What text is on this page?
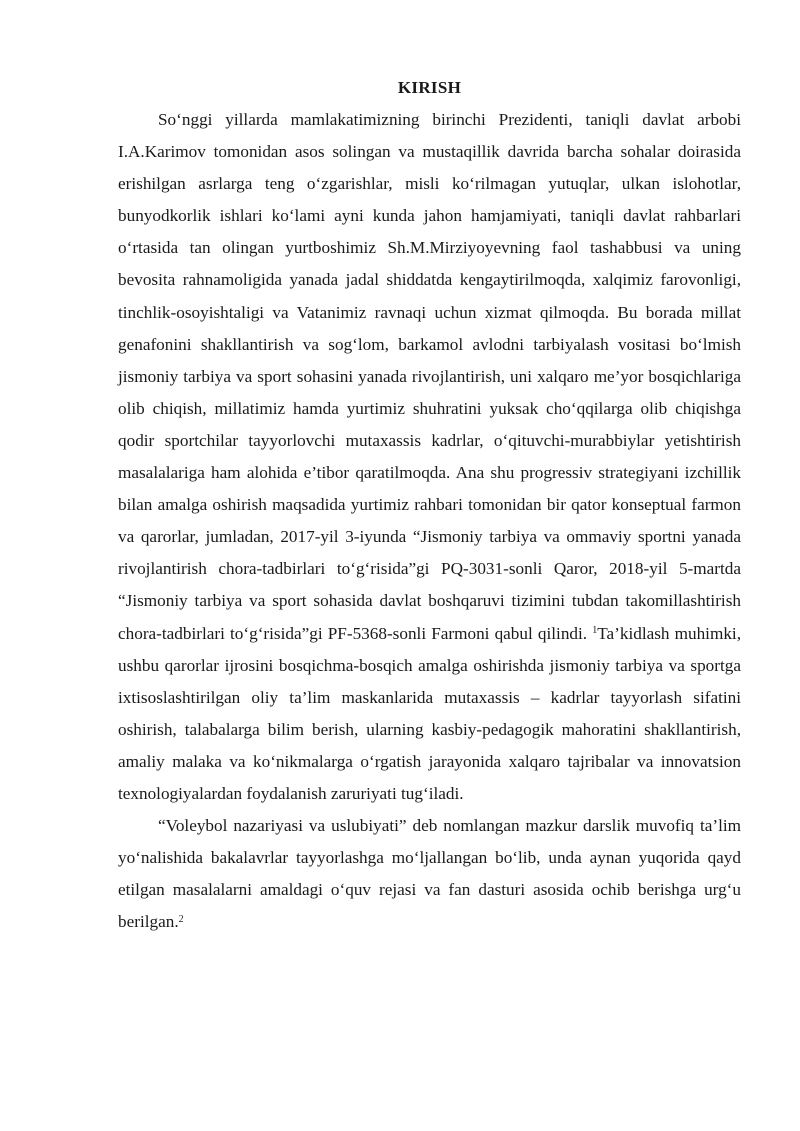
KIRISH

So‘nggi yillarda mamlakatimizning birinchi Prezidenti, taniqli davlat arbobi I.A.Karimov tomonidan asos solingan va mustaqillik davrida barcha sohalar doirasida erishilgan asrlarga teng o‘zgarishlar, misli ko‘rilmagan yutuqlar, ulkan islohotlar, bunyodkorlik ishlari ko‘lami ayni kunda jahon hamjamiyati, taniqli davlat rahbarlari o‘rtasida tan olingan yurtboshimiz Sh.M.Mirziyoyevning faol tashabbusi va uning bevosita rahnamoligida yanada jadal shiddatda kengaytirilmoqda, xalqimiz farovonligi, tinchlik-osoyishtaligi va Vatanimiz ravnaqi uchun xizmat qilmoqda. Bu borada millat genafonini shakllantirish va sog‘lom, barkamol avlodni tarbiyalash vositasi bo‘lmish jismoniy tarbiya va sport sohasini yanada rivojlantirish, uni xalqaro me’yor bosqichlariga olib chiqish, millatimiz hamda yurtimiz shuhratini yuksak cho‘qqilarga olib chiqishga qodir sportchilar tayyorlovchi mutaxassis kadrlar, o‘qituvchi-murabbiylar yetishtirish masalalariga ham alohida e’tibor qaratilmoqda. Ana shu progressiv strategiyani izchillik bilan amalga oshirish maqsadida yurtimiz rahbari tomonidan bir qator konseptual farmon va qarorlar, jumladan, 2017-yil 3-iyunda “Jismoniy tarbiya va ommaviy sportni yanada rivojlantirish chora-tadbirlari to‘g‘risida”gi PQ-3031-sonli Qaror, 2018-yil 5-martda “Jismoniy tarbiya va sport sohasida davlat boshqaruvi tizimini tubdan takomillashtirish chora-tadbirlari to‘g‘risida”gi PF-5368-sonli Farmoni qabul qilindi. $^1$Ta’kidlash muhimki, ushbu qarorlar ijrosini bosqichma-bosqich amalga oshirishda jismoniy tarbiya va sportga ixtisoslashtirilgan oliy ta’lim maskanlarida mutaxassis – kadrlar tayyorlash sifatini oshirish, talabalarga bilim berish, ularning kasbiy-pedagogik mahoratini shakllantirish, amaliy malaka va ko‘nikmalarga o‘rgatish jarayonida xalqaro tajribalar va innovatsion texnologiyalardan foydalanish zaruriyati tug‘iladi.

“Voleybol nazariyasi va uslubiyati” deb nomlangan mazkur darslik muvofiq ta’lim yo‘nalishida bakalavrlar tayyorlashga mo‘ljallangan bo‘lib, unda aynan yuqorida qayd etilgan masalalarni amaldagi o‘quv rejasi va fan dasturi asosida ochib berishga urg‘u berilgan.$^2$
